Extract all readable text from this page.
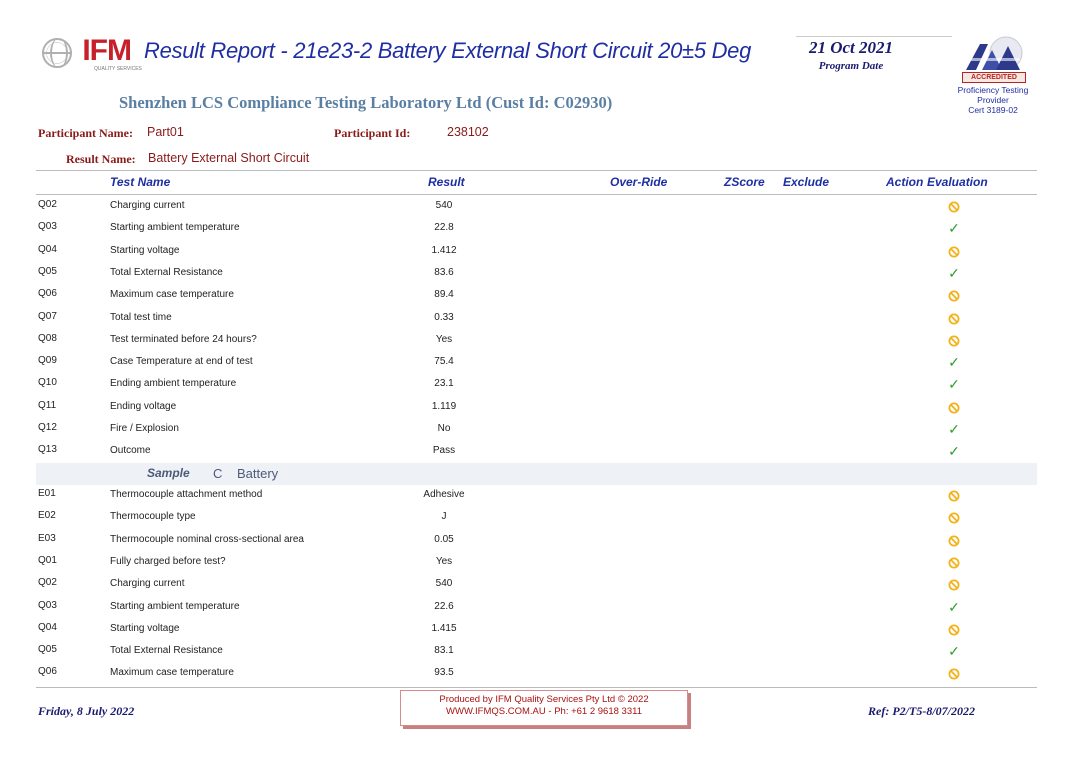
IFM
QUALITY SERVICES
Result Report - 21e23-2 Battery External Short Circuit 20±5 Deg	21 Oct 2021
Program Date
ACCREDITED
Proficiency Testing
Provider
Cert 3189-02
Shenzhen LCS Compliance Testing Laboratory Ltd (Cust Id: C02930)
Participant Name: Part01	Participant Id:	238102
Result Name: Battery External Short Circuit
Test Name	Result	Over-Ride	ZScore Exclude	Action Evaluation
Q02	Charging current	540
Q03	Starting ambient temperature	22.8	✓
Q04	Starting voltage	1.412
Q05	Total External Resistance	83.6	✓
Q06	Maximum case temperature	89.4
Q07	Total test time	0.33
Q08	Test terminated before 24 hours?	Yes
Q09	Case Temperature at end of test	75.4	✓
Q10	Ending ambient temperature	23.1	✓
Q11	Ending voltage	1.119
Q12	Fire / Explosion	No	✓
Q13	Outcome	Pass	✓
Sample C Battery
E01	Thermocouple attachment method	Adhesive
E02	Thermocouple type	J
E03	Thermocouple nominal cross-sectional area	0.05
Q01	Fully charged before test?	Yes
Q02	Charging current	540
Q03	Starting ambient temperature	22.6	✓
Q04	Starting voltage	1.415
Q05	Total External Resistance	83.1	✓
Q06	Maximum case temperature	93.5
Friday, 8 July 2022
Produced by IFM Quality Services Pty Ltd © 2022
WWW.IFMQS.COM.AU - Ph: +61 2 9618 3311	Ref: P2/T5-8/07/2022
